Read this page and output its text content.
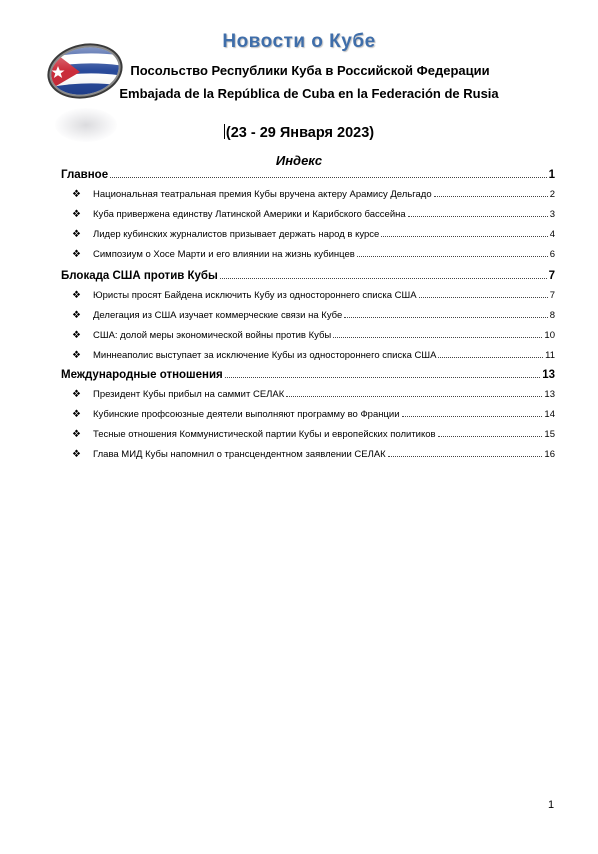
Новости о Кубе
Посольство Республики Куба в Российской Федерации
Embajada de la República de Cuba en la Federación de Rusia
(23 - 29 Января 2023)
Индекс
Главное	1
❖	Национальная театральная премия Кубы вручена актеру Арамису Дельгадо	2
❖	Куба привержена единству Латинской Америки и Карибского бассейна	3
❖	Лидер кубинских журналистов призывает держать народ в курсе	4
❖	Симпозиум о Хосе Марти и его влиянии на жизнь кубинцев	6
Блокада США против Кубы	7
❖	Юристы просят Байдена исключить Кубу из одностороннего списка США	7
❖	Делегация из США изучает коммерческие связи на Кубе	8
❖	США: долой меры экономической войны против Кубы	10
❖	Миннеаполис выступает за исключение Кубы из одностороннего списка США	11
Международные отношения	13
❖	Президент Кубы прибыл на саммит СЕЛАК	13
❖	Кубинские профсоюзные деятели выполняют программу во Франции	14
❖	Тесные отношения Коммунистической партии Кубы и европейских политиков	15
❖	Глава МИД Кубы напомнил о трансцендентном заявлении СЕЛАК	16
1
